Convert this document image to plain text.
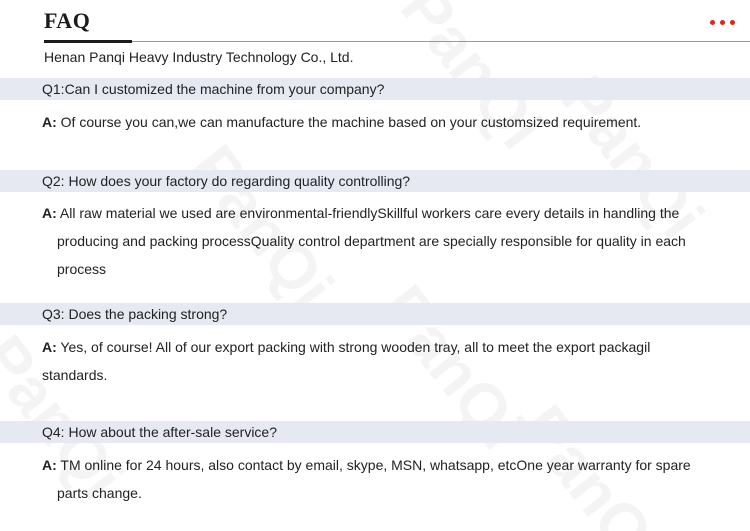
FAQ
Henan Panqi Heavy Industry Technology Co., Ltd.
Q1:Can I customized the machine from your company?
A: Of course you can,we can manufacture the machine based on your customsized requirement.
Q2: How does your factory do regarding quality controlling?
A: All raw material we used are environmental-friendlySkillful workers care every details in handling the
producing and packing processQuality control department are specially responsible for quality in each
process
Q3: Does the packing strong?
A: Yes, of course! All of our export packing with strong wooden tray, all to meet the export packagil
standards.
Q4: How about the after-sale service?
A: TM online for 24 hours, also contact by email, skype, MSN, whatsapp, etcOne year warranty for spare
parts change.
